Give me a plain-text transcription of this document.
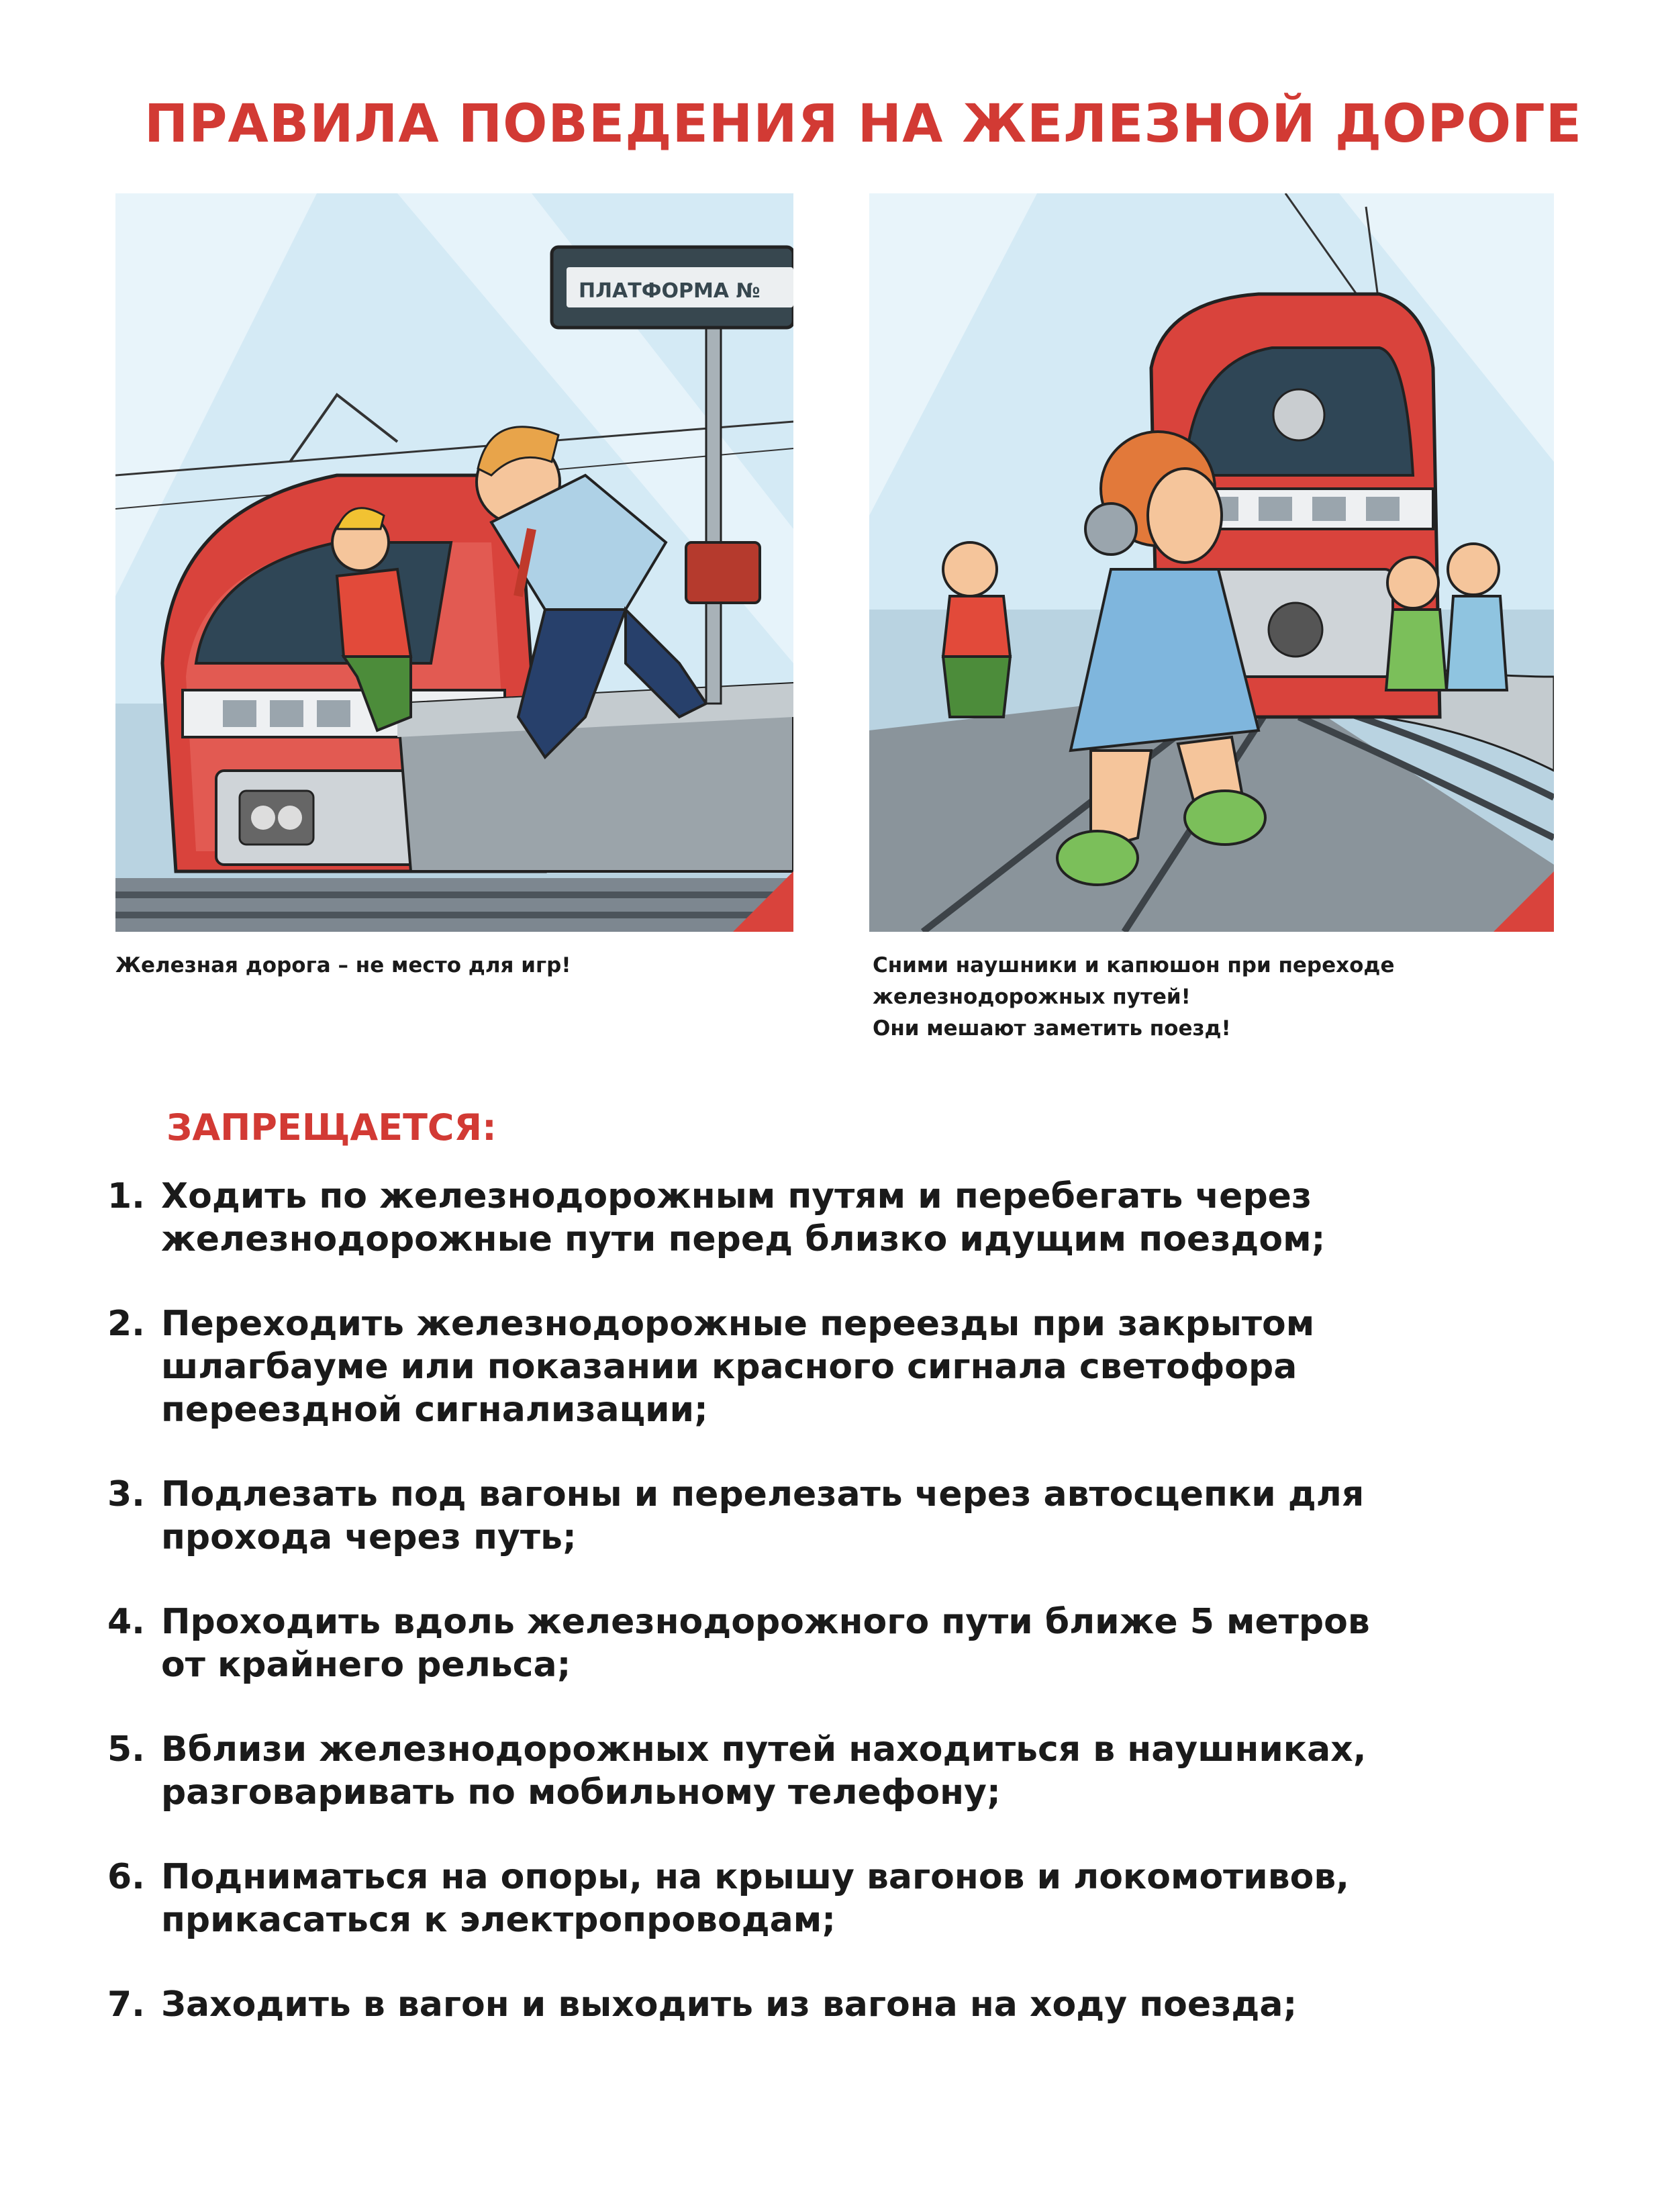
ПРАВИЛА ПОВЕДЕНИЯ НА ЖЕЛЕЗНОЙ ДОРОГЕ
ПЛАТФОРМА №
Железная дорога – не место для игр!	Сними наушники и капюшон при переходе
железнодорожных путей!
Они мешают заметить поезд!
ЗАПРЕЩАЕТСЯ:
1. Ходить по железнодорожным путям и перебегать через
железнодорожные пути перед близко идущим поездом;
2. Переходить железнодорожные переезды при закрытом
шлагбауме или показании красного сигнала светофора
переездной сигнализации;
3. Подлезать под вагоны и перелезать через автосцепки для
прохода через путь;
4. Проходить вдоль железнодорожного пути ближе 5 метров
от крайнего рельса;
5. Вблизи железнодорожных путей находиться в наушниках,
разговаривать по мобильному телефону;
6. Подниматься на опоры, на крышу вагонов и локомотивов,
прикасаться к электропроводам;
7. Заходить в вагон и выходить из вагона на ходу поезда;
